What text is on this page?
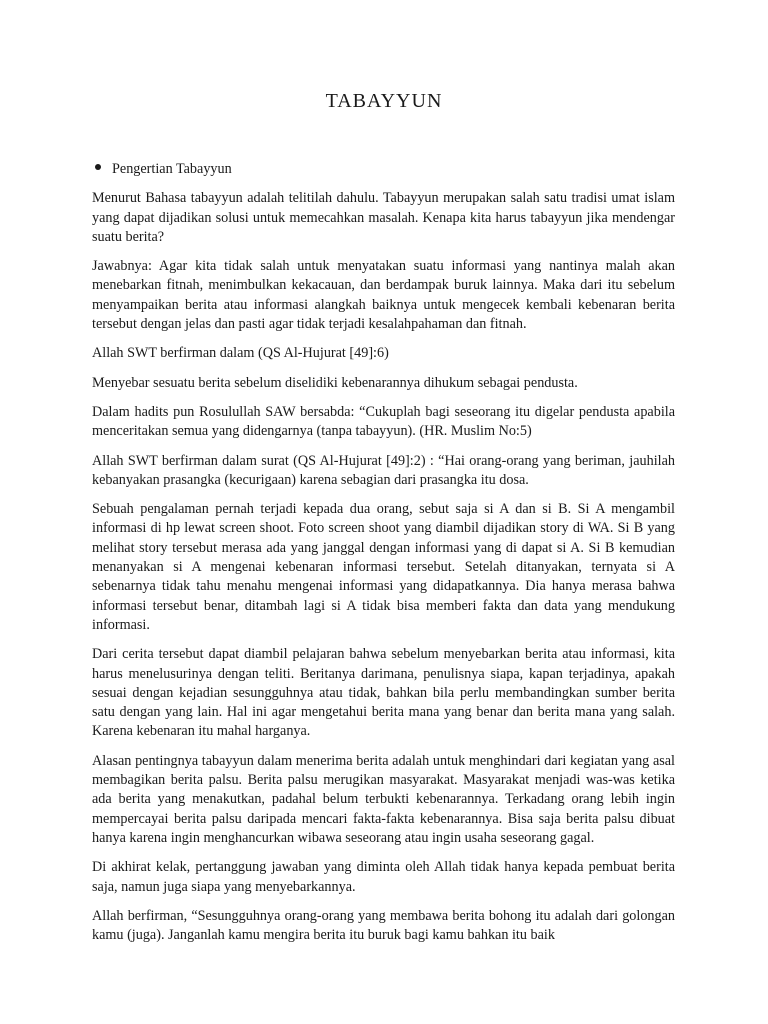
TABAYYUN
Pengertian Tabayyun

Menurut Bahasa tabayyun adalah telitilah dahulu. Tabayyun merupakan salah satu tradisi umat islam yang dapat dijadikan solusi untuk memecahkan masalah. Kenapa kita harus tabayyun jika mendengar suatu berita?

Jawabnya: Agar kita tidak salah untuk menyatakan suatu informasi yang nantinya malah akan menebarkan fitnah, menimbulkan kekacauan, dan berdampak buruk lainnya. Maka dari itu sebelum menyampaikan berita atau informasi alangkah baiknya untuk mengecek kembali kebenaran berita tersebut dengan jelas dan pasti agar tidak terjadi kesalahpahaman dan fitnah.

Allah SWT berfirman dalam (QS Al-Hujurat [49]:6)

Menyebar sesuatu berita sebelum diselidiki kebenarannya dihukum sebagai pendusta.

Dalam hadits pun Rosulullah SAW bersabda: “Cukuplah bagi seseorang itu digelar pendusta apabila menceritakan semua yang didengarnya (tanpa tabayyun). (HR. Muslim No:5)

Allah SWT berfirman dalam surat (QS Al-Hujurat [49]:2) : “Hai orang-orang yang beriman, jauhilah kebanyakan prasangka (kecurigaan) karena sebagian dari prasangka itu dosa.

Sebuah pengalaman pernah terjadi kepada dua orang, sebut saja si A dan si B. Si A mengambil informasi di hp lewat screen shoot. Foto screen shoot yang diambil dijadikan story di WA. Si B yang melihat story tersebut merasa ada yang janggal dengan informasi yang di dapat si A. Si B kemudian menanyakan si A mengenai kebenaran informasi tersebut. Setelah ditanyakan, ternyata si A sebenarnya tidak tahu menahu mengenai informasi yang didapatkannya. Dia hanya merasa bahwa informasi tersebut benar, ditambah lagi si A tidak bisa memberi fakta dan data yang mendukung informasi.

Dari cerita tersebut dapat diambil pelajaran bahwa sebelum menyebarkan berita atau informasi, kita harus menelusurinya dengan teliti. Beritanya darimana, penulisnya siapa, kapan terjadinya, apakah sesuai dengan kejadian sesungguhnya atau tidak, bahkan bila perlu membandingkan sumber berita satu dengan yang lain. Hal ini agar mengetahui berita mana yang benar dan berita mana yang salah. Karena kebenaran itu mahal harganya.

Alasan pentingnya tabayyun dalam menerima berita adalah untuk menghindari dari kegiatan yang asal membagikan berita palsu. Berita palsu merugikan masyarakat. Masyarakat menjadi was-was ketika ada berita yang menakutkan, padahal belum terbukti kebenarannya. Terkadang orang lebih ingin mempercayai berita palsu daripada mencari fakta-fakta kebenarannya. Bisa saja berita palsu dibuat hanya karena ingin menghancurkan wibawa seseorang atau ingin usaha seseorang gagal.

Di akhirat kelak, pertanggung jawaban yang diminta oleh Allah tidak hanya kepada pembuat berita saja, namun juga siapa yang menyebarkannya.

Allah berfirman, “Sesungguhnya orang-orang yang membawa berita bohong itu adalah dari golongan kamu (juga). Janganlah kamu mengira berita itu buruk bagi kamu bahkan itu baik
